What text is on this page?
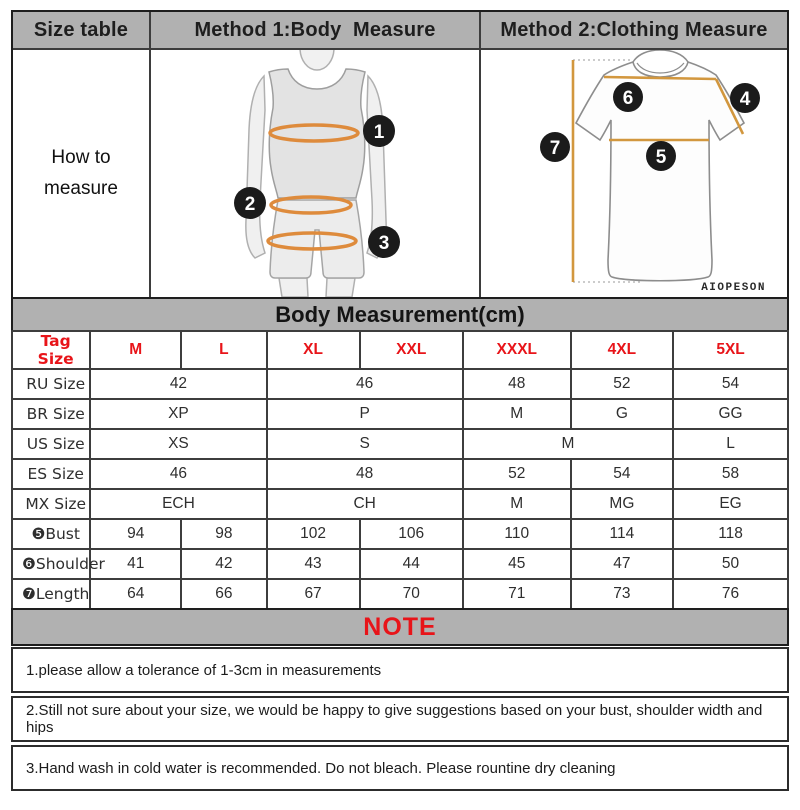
Size table	Method 1:Body  Measure	Method 2:Clothing Measure
How to measure
1
2
3
6	4
5
7
AIOPESON
Body Measurement(cm)
Tag Size	M	L	XL	XXL	XXXL	4XL	5XL
RU Size	42		46		48	52	54
BR Size	XP		P		M	G	GG
US Size	XS		S		M		L
ES Size	46		48		52	54	58
MX Size	ECH		CH		M	MG	EG
❺Bust	94	98	102	106	110	114	118
❻Shoulder	41	42	43	44	45	47	50
❼Length	64	66	67	70	71	73	76
NOTE
1.please allow a tolerance of 1-3cm in measurements
2.Still not sure about your size, we would be happy to give suggestions based on your bust, shoulder width and hips
3.Hand wash in cold water is recommended. Do not bleach. Please rountine dry cleaning
